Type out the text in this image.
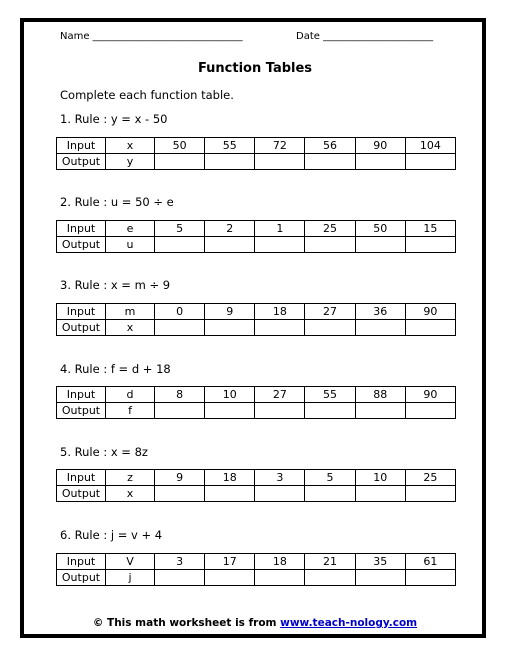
Name ______________________________	Date ______________________
Function Tables
Complete each function table.
1. Rule : y = x - 50
Input	x	50	55	72	56	90	104
Output	y						
2. Rule : u = 50 ÷ e
Input	e	5	2	1	25	50	15
Output	u						
3. Rule : x = m ÷ 9
Input	m	0	9	18	27	36	90
Output	x						
4. Rule : f = d + 18
Input	d	8	10	27	55	88	90
Output	f						
5. Rule : x = 8z
Input	z	9	18	3	5	10	25
Output	x						
6. Rule : j = v + 4
Input	V	3	17	18	21	35	61
Output	j						
© This math worksheet is from www.teach-nology.com
